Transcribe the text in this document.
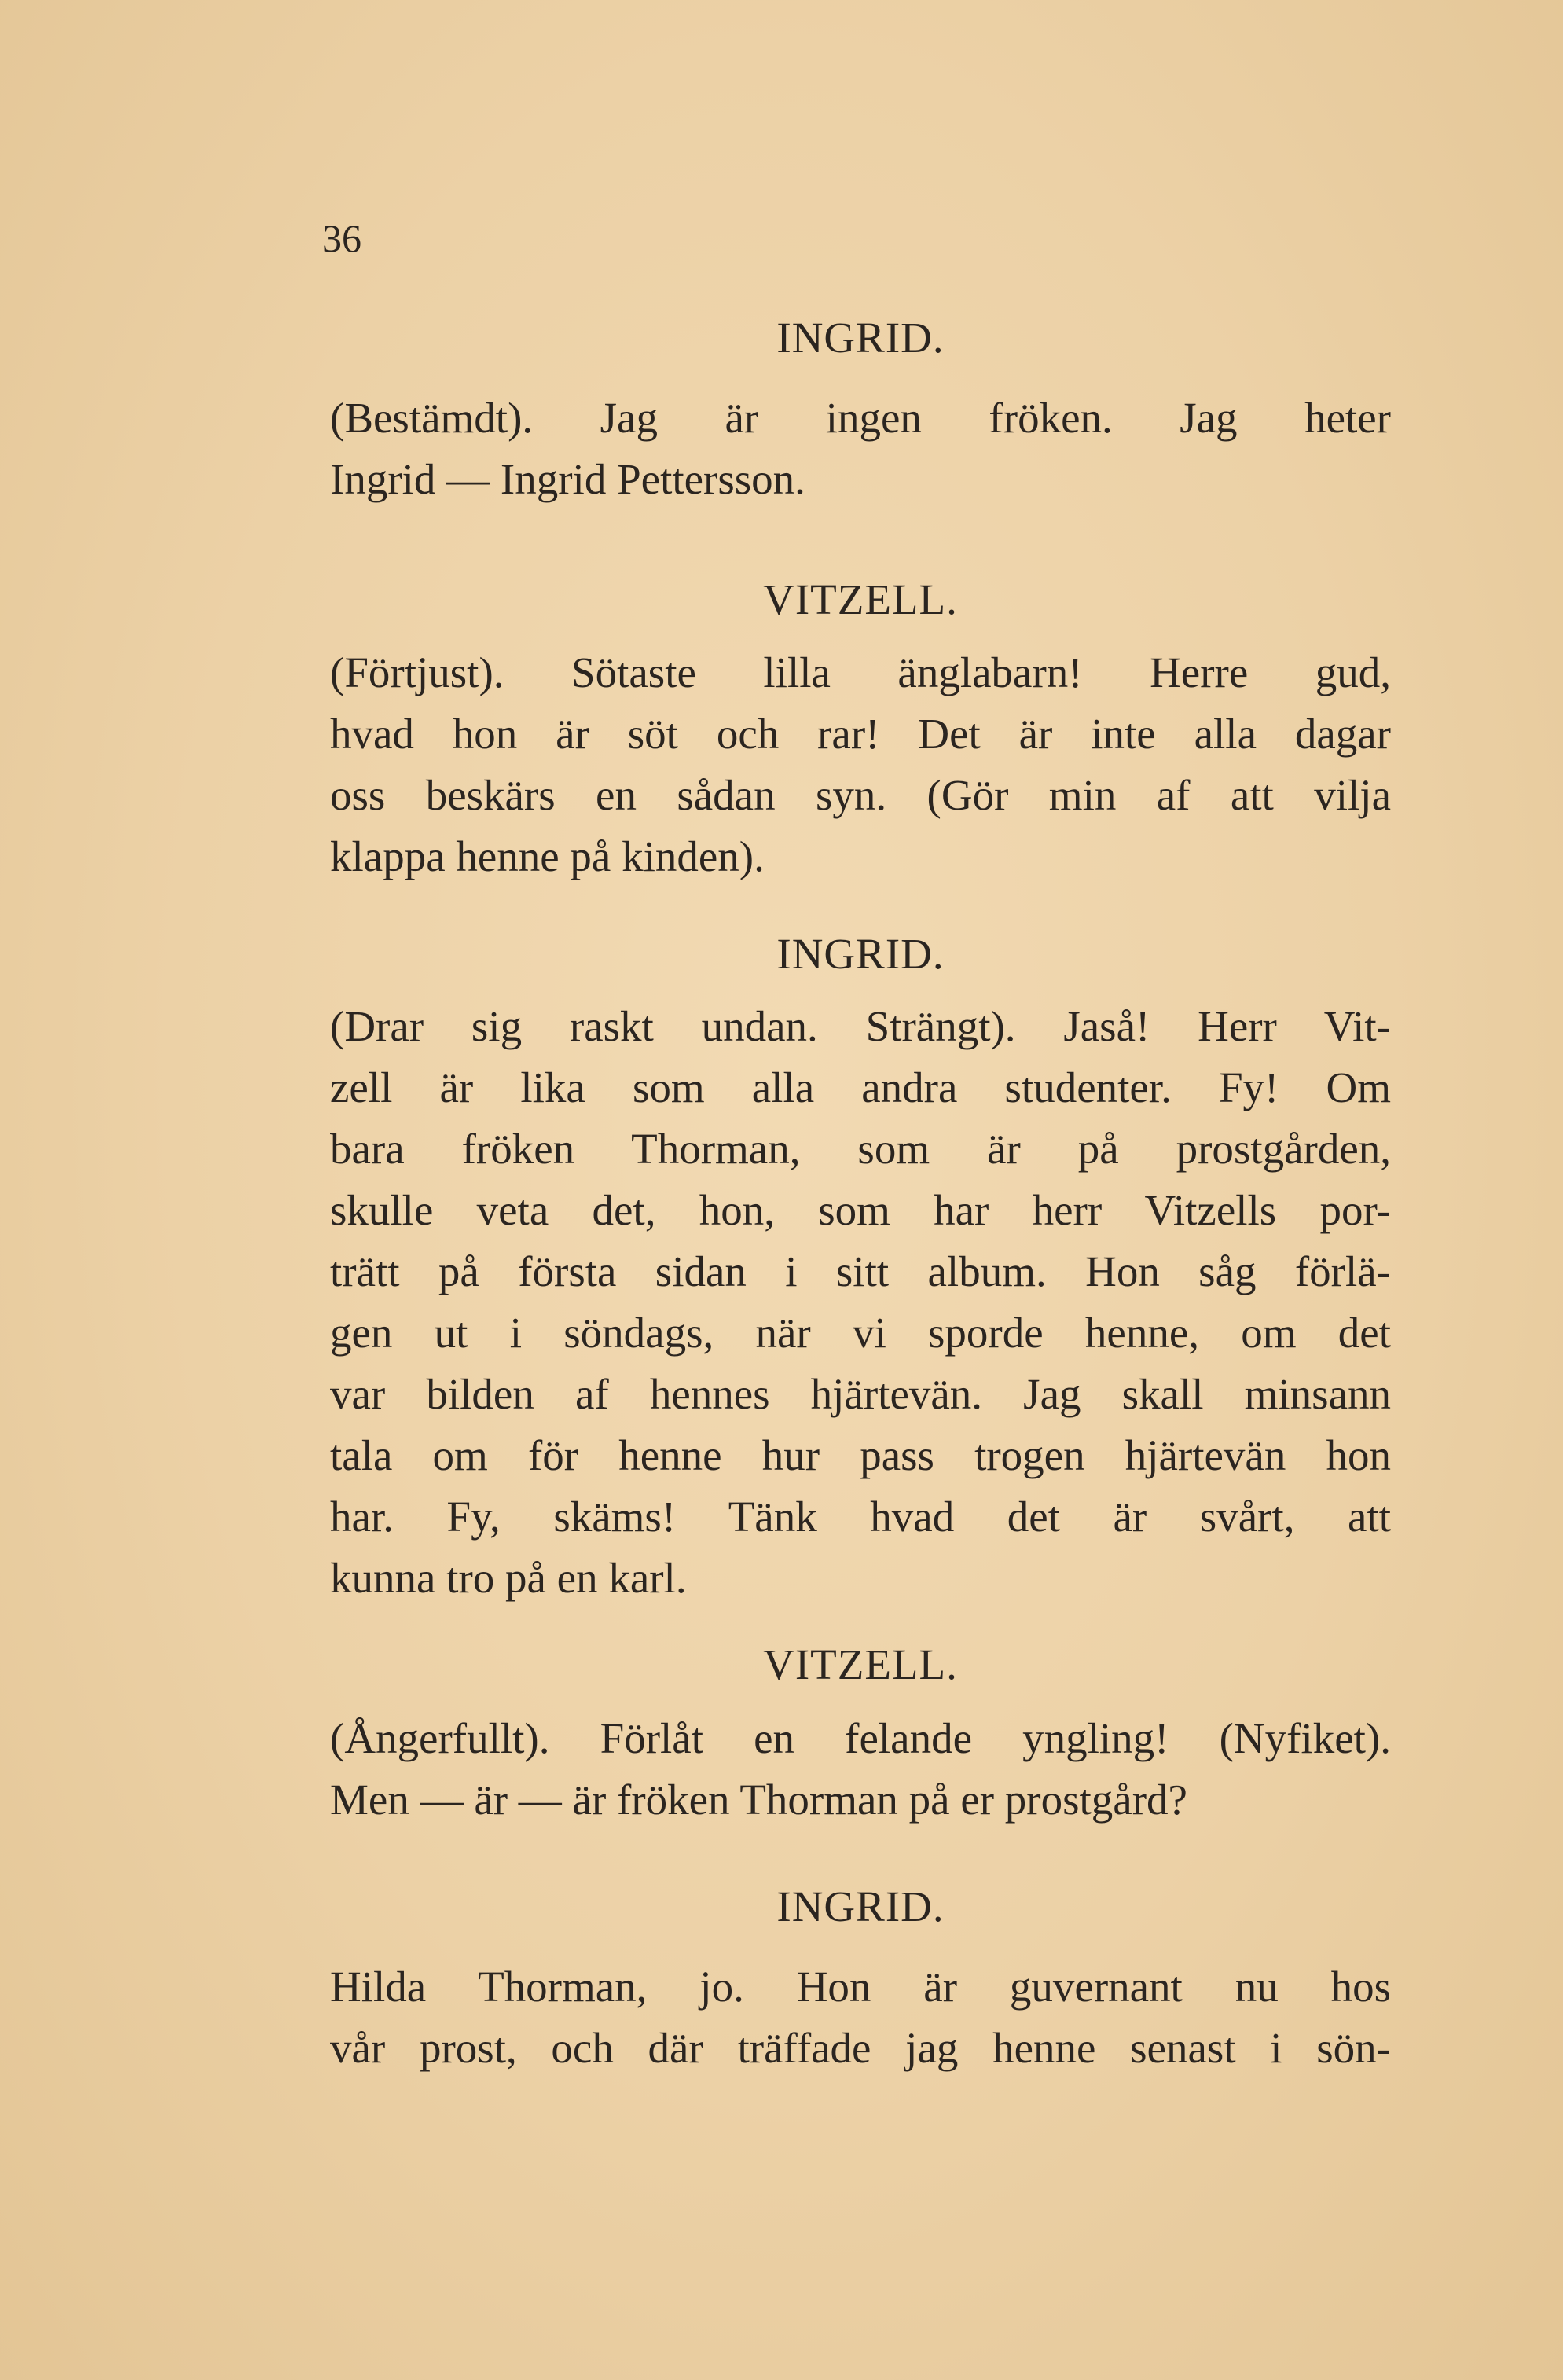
36
INGRID.
(Bestämdt). Jag är ingen fröken. Jag heter
Ingrid — Ingrid Pettersson.
VITZELL.
(Förtjust). Sötaste lilla änglabarn! Herre gud,
hvad hon är söt och rar! Det är inte alla dagar
oss beskärs en sådan syn. (Gör min af att vilja
klappa henne på kinden).
INGRID.
(Drar sig raskt undan. Strängt). Jaså! Herr Vit-
zell är lika som alla andra studenter. Fy! Om
bara fröken Thorman, som är på prostgården,
skulle veta det, hon, som har herr Vitzells por-
trätt på första sidan i sitt album. Hon såg förlä-
gen ut i söndags, när vi sporde henne, om det
var bilden af hennes hjärtevän. Jag skall minsann
tala om för henne hur pass trogen hjärtevän hon
har. Fy, skäms! Tänk hvad det är svårt, att
kunna tro på en karl.
VITZELL.
(Ångerfullt). Förlåt en felande yngling! (Nyfiket).
Men — är — är fröken Thorman på er prostgård?
INGRID.
Hilda Thorman, jo. Hon är guvernant nu hos
vår prost, och där träffade jag henne senast i sön-
